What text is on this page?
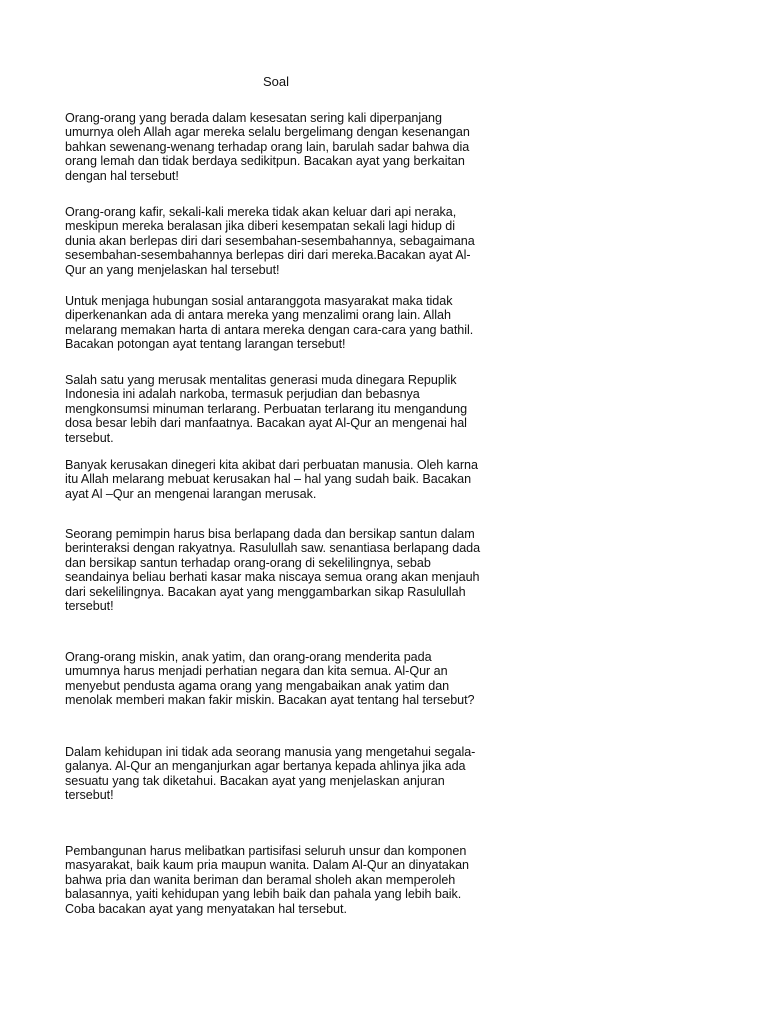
Soal

Orang-orang yang berada dalam kesesatan sering kali diperpanjang
umurnya oleh Allah agar mereka selalu bergelimang dengan kesenangan
bahkan sewenang-wenang terhadap orang lain, barulah sadar bahwa dia
orang lemah dan tidak berdaya sedikitpun. Bacakan ayat yang berkaitan
dengan hal tersebut!

Orang-orang kafir, sekali-kali mereka tidak akan keluar dari api neraka,
meskipun mereka beralasan jika diberi kesempatan sekali lagi hidup di
dunia akan berlepas diri dari sesembahan-sesembahannya, sebagaimana
sesembahan-sesembahannya berlepas diri dari mereka.Bacakan ayat Al-
Qur an yang menjelaskan hal tersebut!

Untuk menjaga hubungan sosial antaranggota masyarakat maka tidak
diperkenankan ada di antara mereka yang menzalimi orang lain. Allah
melarang memakan harta di antara mereka dengan cara-cara yang bathil.
Bacakan potongan ayat tentang larangan tersebut!

Salah satu yang merusak mentalitas generasi muda dinegara Repuplik
Indonesia ini adalah narkoba, termasuk perjudian dan bebasnya
mengkonsumsi minuman terlarang. Perbuatan terlarang itu mengandung
dosa besar lebih dari manfaatnya. Bacakan ayat Al-Qur an mengenai hal
tersebut.

Banyak kerusakan dinegeri kita akibat dari perbuatan manusia. Oleh karna
itu Allah melarang mebuat kerusakan hal – hal yang sudah baik. Bacakan
ayat Al –Qur an mengenai larangan merusak.

Seorang pemimpin harus bisa berlapang dada dan bersikap santun dalam
berinteraksi dengan rakyatnya. Rasulullah saw. senantiasa berlapang dada
dan bersikap santun terhadap orang-orang di sekelilingnya, sebab
seandainya beliau berhati kasar maka niscaya semua orang akan menjauh
dari sekelilingnya. Bacakan ayat yang menggambarkan sikap Rasulullah
tersebut!

Orang-orang miskin, anak yatim, dan orang-orang menderita pada
umumnya harus menjadi perhatian negara dan kita semua. Al-Qur an
menyebut pendusta agama orang yang mengabaikan anak yatim dan
menolak memberi makan fakir miskin. Bacakan ayat tentang hal tersebut?

Dalam kehidupan ini tidak ada seorang manusia yang mengetahui segala-
galanya. Al-Qur an menganjurkan agar bertanya kepada ahlinya jika ada
sesuatu yang tak diketahui. Bacakan ayat yang menjelaskan anjuran
tersebut!

Pembangunan harus melibatkan partisifasi seluruh unsur dan komponen
masyarakat, baik kaum pria maupun wanita. Dalam Al-Qur an dinyatakan
bahwa pria dan wanita beriman dan beramal sholeh akan memperoleh
balasannya, yaiti kehidupan yang lebih baik dan pahala yang lebih baik.
Coba bacakan ayat yang menyatakan hal tersebut.
